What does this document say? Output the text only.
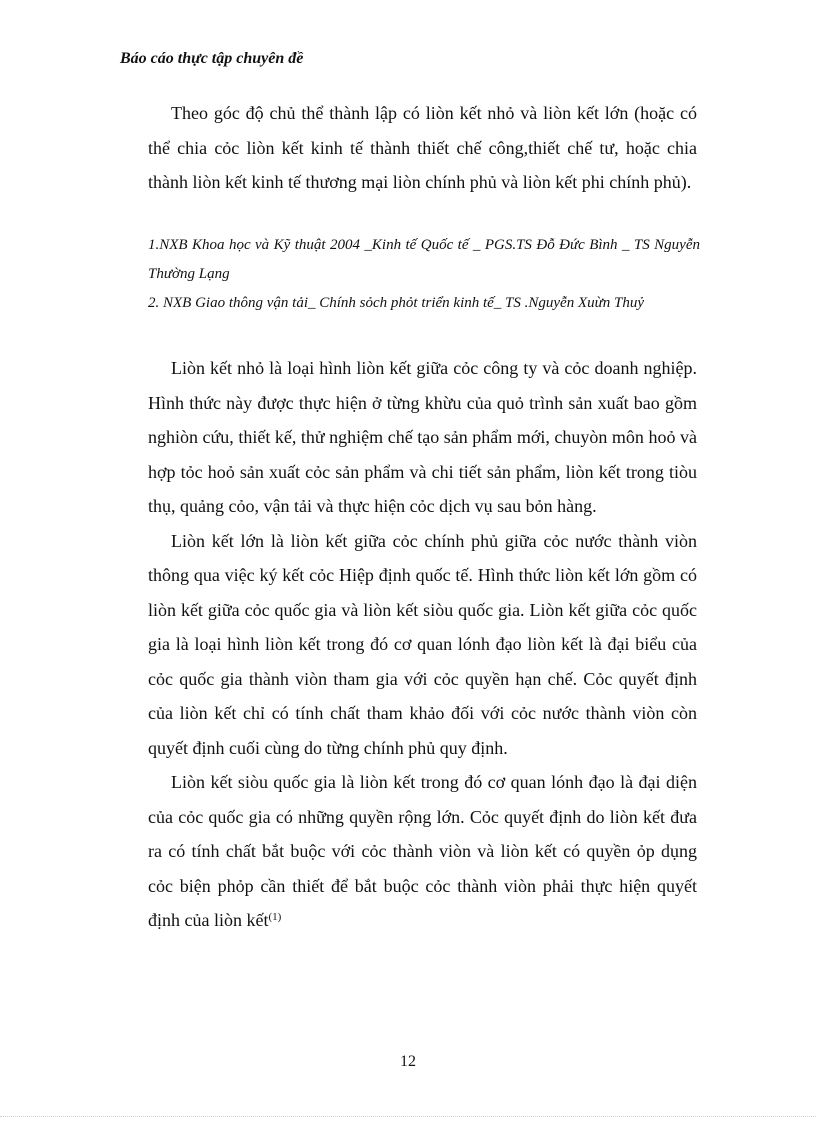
Báo cáo thực tập chuyên đề

Theo góc độ chủ thể thành lập có liòn kết nhỏ và liòn kết lớn (hoặc có thể chia cỏc liòn kết kinh tế thành thiết chế công,thiết chế tư, hoặc chia thành liòn kết kinh tế thương mại liòn chính phủ và liòn kết phi chính phủ).

1.NXB Khoa học và Kỹ thuật 2004 _Kinh tế Quốc tế _ PGS.TS Đỗ Đức Bình _ TS Nguyễn Thường Lạng

2. NXB Giao thông vận tải_ Chính sỏch phỏt triển kinh tế_ TS .Nguyễn Xuừn Thuỷ

Liòn kết nhỏ là loại hình liòn kết giữa cỏc công ty và cỏc doanh nghiệp. Hình thức này được thực hiện ở từng khừu của quỏ trình sản xuất bao gồm nghiòn cứu, thiết kế, thử nghiệm chế tạo sản phẩm mới, chuyòn môn hoỏ và hợp tỏc hoỏ sản xuất cỏc sản phẩm và chi tiết sản phẩm, liòn kết trong tiòu thụ, quảng cỏo, vận tải và thực hiện cỏc dịch vụ sau bỏn hàng.

Liòn kết lớn là liòn kết giữa cỏc chính phủ giữa cỏc nước thành viòn thông qua việc ký kết cỏc Hiệp định quốc tế. Hình thức liòn kết lớn gồm có liòn kết giữa cỏc quốc gia và liòn kết siòu quốc gia. Liòn kết giữa cỏc quốc gia là loại hình liòn kết trong đó cơ quan lónh đạo liòn kết là đại biểu của cỏc quốc gia thành viòn tham gia với cỏc quyền hạn chế. Cỏc quyết định của liòn kết chỉ có tính chất tham khảo đối với cỏc nước thành viòn còn quyết định cuối cùng do từng chính phủ quy định.

Liòn kết siòu quốc gia là liòn kết trong đó cơ quan lónh đạo là đại diện của cỏc quốc gia có những quyền rộng lớn. Cỏc quyết định do liòn kết đưa ra có tính chất bắt buộc với cỏc thành viòn và liòn kết có quyền ỏp dụng cỏc biện phỏp cần thiết để bắt buộc cỏc thành viòn phải thực hiện quyết định của liòn kết$^{(1)}$

12
